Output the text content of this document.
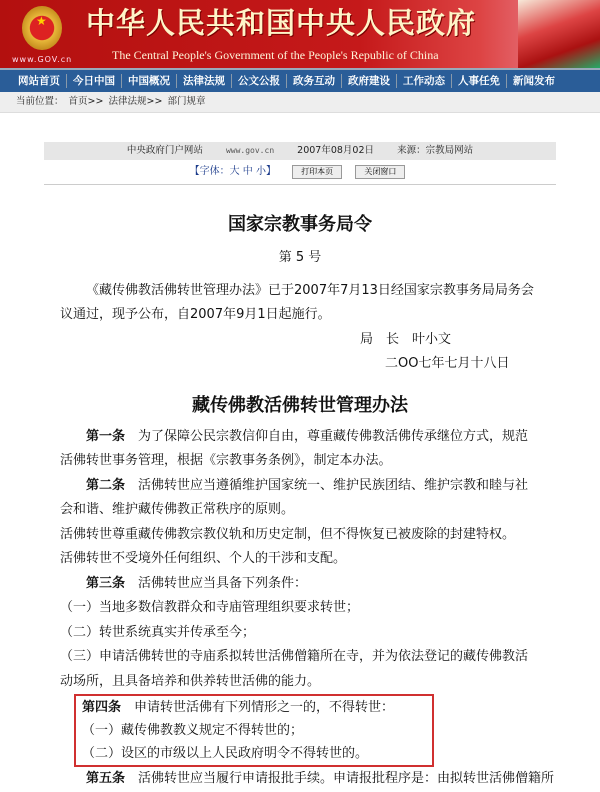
★
www.GOV.cn
中华人民共和国中央人民政府
The Central People's Government of the People's Republic of China
网站首页	今日中国	中国概况	法律法规	公文公报	政务互动	政府建设	工作动态	人事任免	新闻发布
当前位置： 首页>> 法律法规>> 部门规章
中央政府门户网站	www.gov.cn 2007年08月02日 来源：宗教局网站
【字体：大 中 小】	打印本页	关闭窗口

国家宗教事务局令

第 5 号

《藏传佛教活佛转世管理办法》已于2007年7月13日经国家宗教事务局局务会议通过，现予公布，自2007年9月1日起施行。

局　长　叶小文

二OO七年七月十八日

藏传佛教活佛转世管理办法

第一条　 为了保障公民宗教信仰自由，尊重藏传佛教活佛传承继位方式，规范活佛转世事务管理，根据《宗教事务条例》，制定本办法。

第二条　 活佛转世应当遵循维护国家统一、维护民族团结、维护宗教和睦与社会和谐、维护藏传佛教正常秩序的原则。

活佛转世尊重藏传佛教宗教仪轨和历史定制，但不得恢复已被废除的封建特权。

活佛转世不受境外任何组织、个人的干涉和支配。

第三条　 活佛转世应当具备下列条件：

（一）当地多数信教群众和寺庙管理组织要求转世；

（二）转世系统真实并传承至今；

（三）申请活佛转世的寺庙系拟转世活佛僧籍所在寺，并为依法登记的藏传佛教活动场所，且具备培养和供养转世活佛的能力。

第四条　 申请转世活佛有下列情形之一的，不得转世：

（一）藏传佛教教义规定不得转世的；

（二）设区的市级以上人民政府明令不得转世的。

第五条　 活佛转世应当履行申请报批手续。申请报批程序是：由拟转世活佛僧籍所
